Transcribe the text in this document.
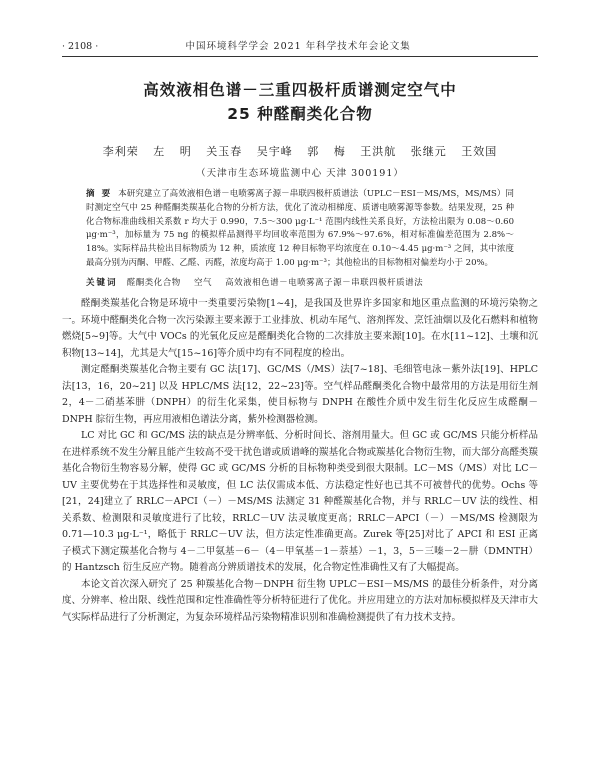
· 2108 ·	中国环境科学学会 2021 年科学技术年会论文集
高效液相色谱－三重四极杆质谱测定空气中
25 种醛酮类化合物
李利荣 左 明 关玉春 吴宇峰 郭 梅 王洪航 张继元 王效国
（天津市生态环境监测中心 天津 300191）
摘 要 本研究建立了高效液相色谱－电喷雾离子源－串联四极杆质谱法（UPLC－ESI－MS/MS，MS/MS）同时测定空气中 25 种醛酮类羰基化合物的分析方法，优化了流动相梯度、质谱电喷雾源等参数。结果发现，25 种化合物标准曲线相关系数 r 均大于 0.990，7.5～300 μg·L⁻¹ 范围内线性关系良好，方法检出限为 0.08～0.60 μg·m⁻³，加标量为 75 ng 的模拟样品测得平均回收率范围为 67.9%～97.6%，相对标准偏差范围为 2.8%～18%。实际样品共检出目标物质为 12 种，质浓度 12 种目标物平均浓度在 0.10～4.45 μg·m⁻³ 之间，其中浓度最高分别为丙酮、甲醛、乙醛、丙醛，浓度均高于 1.00 μg·m⁻³；其他检出的目标物相对偏差均小于 20%。
关键词 醛酮类化合物 空气 高效液相色谱－电喷雾离子源－串联四极杆质谱法

醛酮类羰基化合物是环境中一类重要污染物[1~4]，是我国及世界许多国家和地区重点监测的环境污染物之一。环境中醛酮类化合物一次污染源主要来源于工业排放、机动车尾气、溶剂挥发、烹饪油烟以及化石燃料和植物燃烧[5~9]等。大气中 VOCs 的光氧化反应是醛酮类化合物的二次排放主要来源[10]。在水[11~12]、土壤和沉积物[13~14]，尤其是大气[15~16]等介质中均有不同程度的检出。

测定醛酮类羰基化合物主要有 GC 法[17]、GC/MS（/MS）法[7~18]、毛细管电泳－紫外法[19]、HPLC 法[13，16，20~21] 以及 HPLC/MS 法[12，22~23]等。空气样品醛酮类化合物中最常用的方法是用衍生剂 2，4－二硝基苯肼（DNPH）的衍生化采集，使目标物与 DNPH 在酸性介质中发生衍生化反应生成醛酮－DNPH 腙衍生物，再应用液相色谱法分离，紫外检测器检测。

LC 对比 GC 和 GC/MS 法的缺点是分辨率低、分析时间长、溶剂用量大。但 GC 或 GC/MS 只能分析样品在进样系统不发生分解且能产生较高不受干扰色谱或质谱峰的羰基化合物或羰基化合物衍生物，而大部分高醛类羰基化合物衍生物容易分解，使得 GC 或 GC/MS 分析的目标物种类受到很大限制。LC－MS（/MS）对比 LC－UV 主要优势在于其选择性和灵敏度，但 LC 法仅需成本低、方法稳定性好也已其不可被替代的优势。Ochs 等[21，24]建立了 RRLC－APCI（－）－MS/MS 法测定 31 种醛羰基化合物，并与 RRLC－UV 法的线性、相关系数、检测限和灵敏度进行了比较，RRLC－UV 法灵敏度更高；RRLC－APCI（－）－MS/MS 检测限为 0.71—10.3 μg·L⁻¹，略低于 RRLC－UV 法，但方法定性准确更高。Zurek 等[25]对比了 APCI 和 ESI 正离子模式下测定羰基化合物与 4－二甲氨基－6－（4－甲氧基－1－萘基）－1，3，5－三嗪－2－肼（DMNTH）的 Hantzsch 衍生反应产物。随着高分辨质谱技术的发展，化合物定性准确性又有了大幅提高。

本论文首次深入研究了 25 种羰基化合物－DNPH 衍生物 UPLC－ESI－MS/MS 的最佳分析条件，对分离度、分辨率、检出限、线性范围和定性准确性等分析特征进行了优化。并应用建立的方法对加标模拟样及天津市大气实际样品进行了分析测定，为复杂环境样品污染物精准识别和准确检测提供了有力技术支持。
